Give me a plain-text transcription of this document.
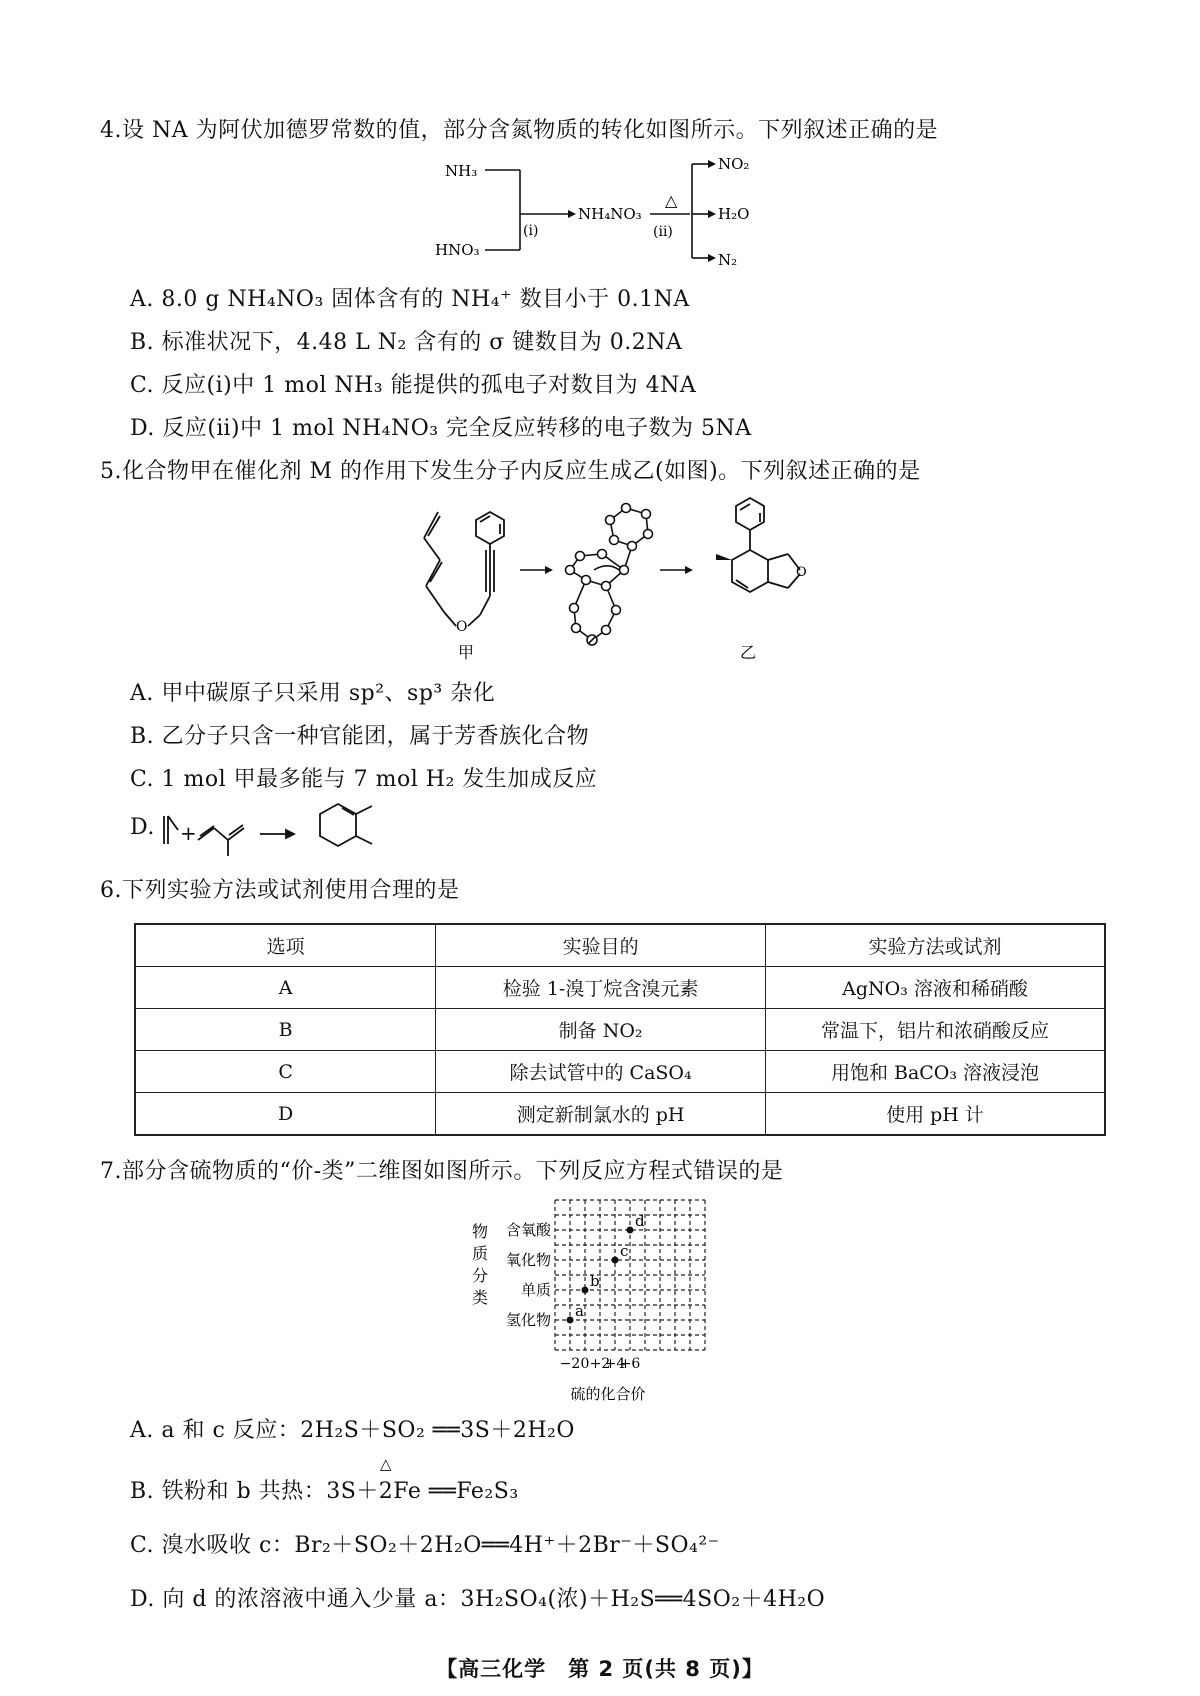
4.设 NA 为阿伏加德罗常数的值，部分含氮物质的转化如图所示。下列叙述正确的是
NH₃
HNO₃
(ⅰ)
NH₄NO₃
△
(ⅱ)
NO₂
H₂O
N₂
A. 8.0 g NH₄NO₃ 固体含有的 NH₄⁺ 数目小于 0.1NA
B. 标准状况下，4.48 L N₂ 含有的 σ 键数目为 0.2NA
C. 反应(ⅰ)中 1 mol NH₃ 能提供的孤电子对数目为 4NA
D. 反应(ⅱ)中 1 mol NH₄NO₃ 完全反应转移的电子数为 5NA
5.化合物甲在催化剂 M 的作用下发生分子内反应生成乙(如图)。下列叙述正确的是
O
甲
O
乙
A. 甲中碳原子只采用 sp²、sp³ 杂化
B. 乙分子只含一种官能团，属于芳香族化合物
C. 1 mol 甲最多能与 7 mol H₂ 发生加成反应
D. +
6.下列实验方法或试剂使用合理的是
选项	实验目的	实验方法或试剂
A	检验 1-溴丁烷含溴元素	AgNO₃ 溶液和稀硝酸
B	制备 NO₂	常温下，铝片和浓硝酸反应
C	除去试管中的 CaSO₄	用饱和 BaCO₃ 溶液浸泡
D	测定新制氯水的 pH	使用 pH 计
7.部分含硫物质的“价-类”二维图如图所示。下列反应方程式错误的是
物质分类
氢化物
单质
氧化物
含氧酸
−2 0 +2
+4
+6
a
b
c
d
硫的化合价
A. a 和 c 反应：2H₂S＋SO₂ ══3S＋2H₂O
B. 铁粉和 b 共热：3S＋2Fe ══Fe₂S₃
△
C. 溴水吸收 c：Br₂＋SO₂＋2H₂O══4H⁺＋2Br⁻＋SO₄²⁻
D. 向 d 的浓溶液中通入少量 a：3H₂SO₄(浓)＋H₂S══4SO₂＋4H₂O
【高三化学　第 2 页(共 8 页)】
